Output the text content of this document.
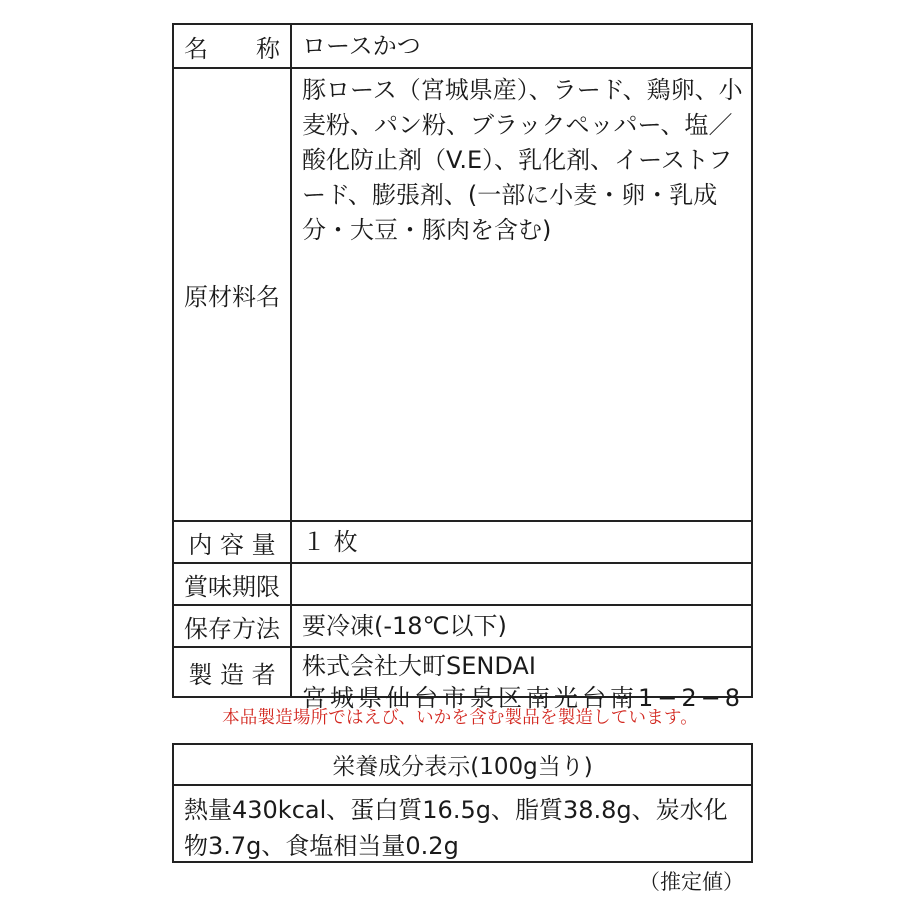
名　　称 ロースかつ
原材料名
豚ロース（宮城県産）、ラード、鶏卵、小麦粉、パン粉、ブラックペッパー、塩／酸化防止剤（V.E）、乳化剤、イーストフード、膨張剤、(一部に小麦・卵・乳成分・大豆・豚肉を含む)
内 容 量	１ 枚
賞味期限
保存方法 要冷凍(-18℃以下)
製 造 者	株式会社大町SENDAI
宮城県仙台市泉区南光台南1−2−8
本品製造場所ではえび、いかを含む製品を製造しています。
栄養成分表示(100g当り)
熱量430kcal、蛋白質16.5g、脂質38.8g、炭水化物3.7g、食塩相当量0.2g
（推定値）
